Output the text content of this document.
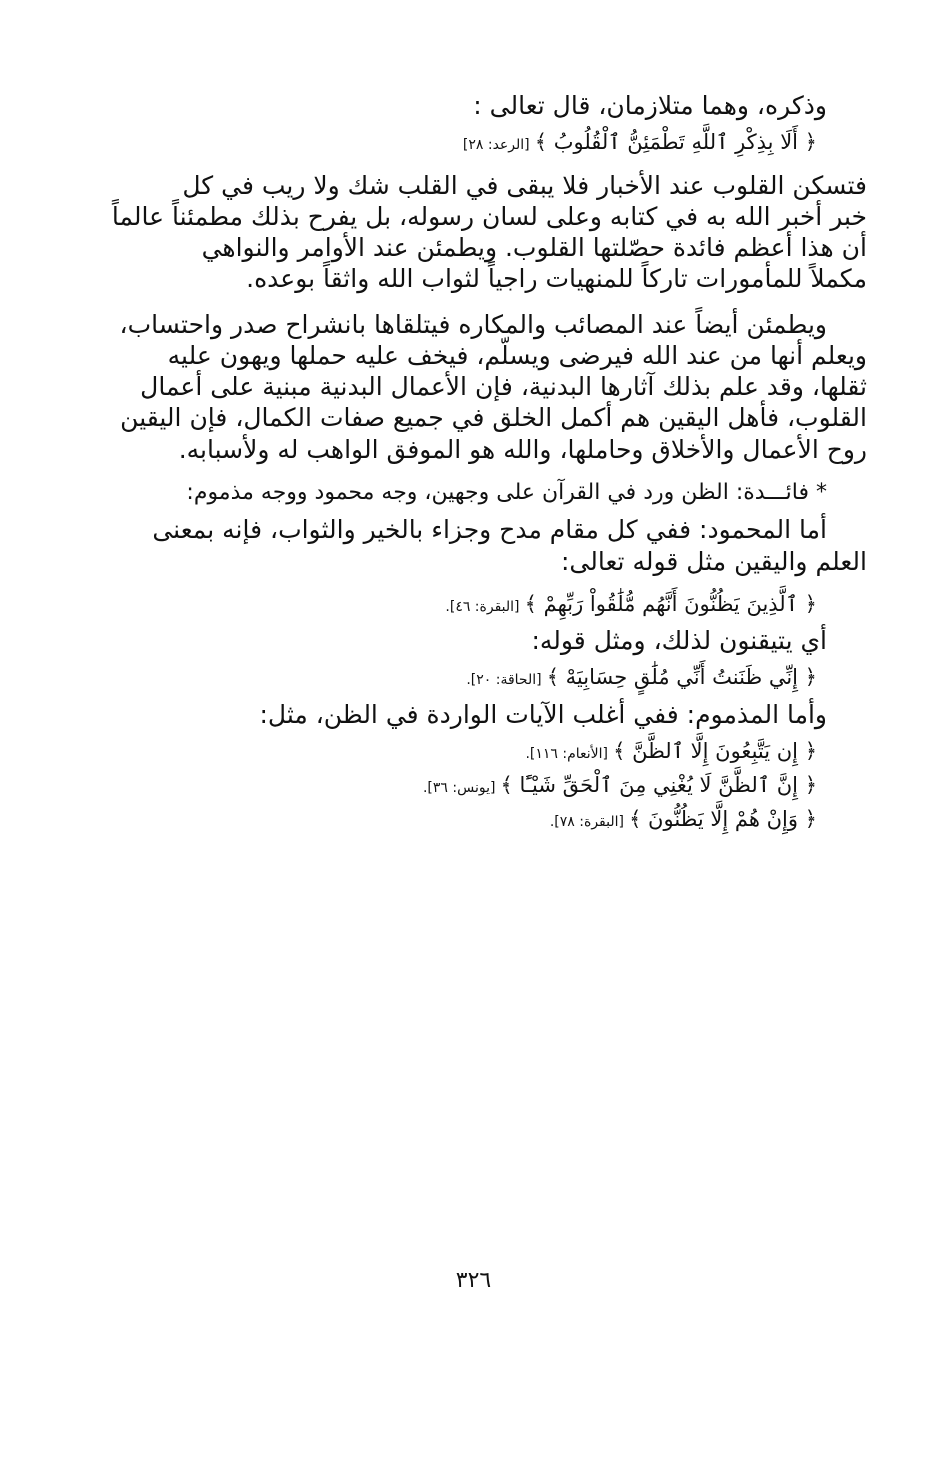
وذكره، وهما متلازمان، قال تعالى :
﴿ أَلَا بِذِكْرِ ٱللَّهِ تَطْمَئِنُّ ٱلْقُلُوبُ ﴾ [الرعد: ٢٨]
فتسكن القلوب عند الأخبار فلا يبقى في القلب شك ولا ريب في كل
خبر أخبر الله به في كتابه وعلى لسان رسوله، بل يفرح بذلك مطمئناً عالماً
أن هذا أعظم فائدة حصّلتها القلوب. ويطمئن عند الأوامر والنواهي
مكملاً للمأمورات تاركاً للمنهيات راجياً لثواب الله واثقاً بوعده.
ويطمئن أيضاً عند المصائب والمكاره فيتلقاها بانشراح صدر واحتساب،
ويعلم أنها من عند الله فيرضى ويسلّم، فيخف عليه حملها ويهون عليه
ثقلها، وقد علم بذلك آثارها البدنية، فإن الأعمال البدنية مبنية على أعمال
القلوب، فأهل اليقين هم أكمل الخلق في جميع صفات الكمال، فإن اليقين
روح الأعمال والأخلاق وحاملها، والله هو الموفق الواهب له ولأسبابه.
* فائـــدة: الظن ورد في القرآن على وجهين، وجه محمود ووجه مذموم:
أما المحمود: ففي كل مقام مدح وجزاء بالخير والثواب، فإنه بمعنى
العلم واليقين مثل قوله تعالى:
﴿ ٱلَّذِينَ يَظُنُّونَ أَنَّهُم مُّلَٰقُواْ رَبِّهِمْ ﴾ [البقرة: ٤٦].
أي يتيقنون لذلك، ومثل قوله:
﴿ إِنِّي ظَنَنتُ أَنِّي مُلَٰقٍ حِسَابِيَهْ ﴾ [الحاقة: ٢٠].
وأما المذموم: ففي أغلب الآيات الواردة في الظن، مثل:
﴿ إِن يَتَّبِعُونَ إِلَّا ٱلظَّنَّ ﴾ [الأنعام: ١١٦].
﴿ إِنَّ ٱلظَّنَّ لَا يُغْنِي مِنَ ٱلْحَقِّ شَيْـًٔا ﴾ [يونس: ٣٦].
﴿ وَإِنْ هُمْ إِلَّا يَظُنُّونَ ﴾ [البقرة: ٧٨].
٣٢٦
